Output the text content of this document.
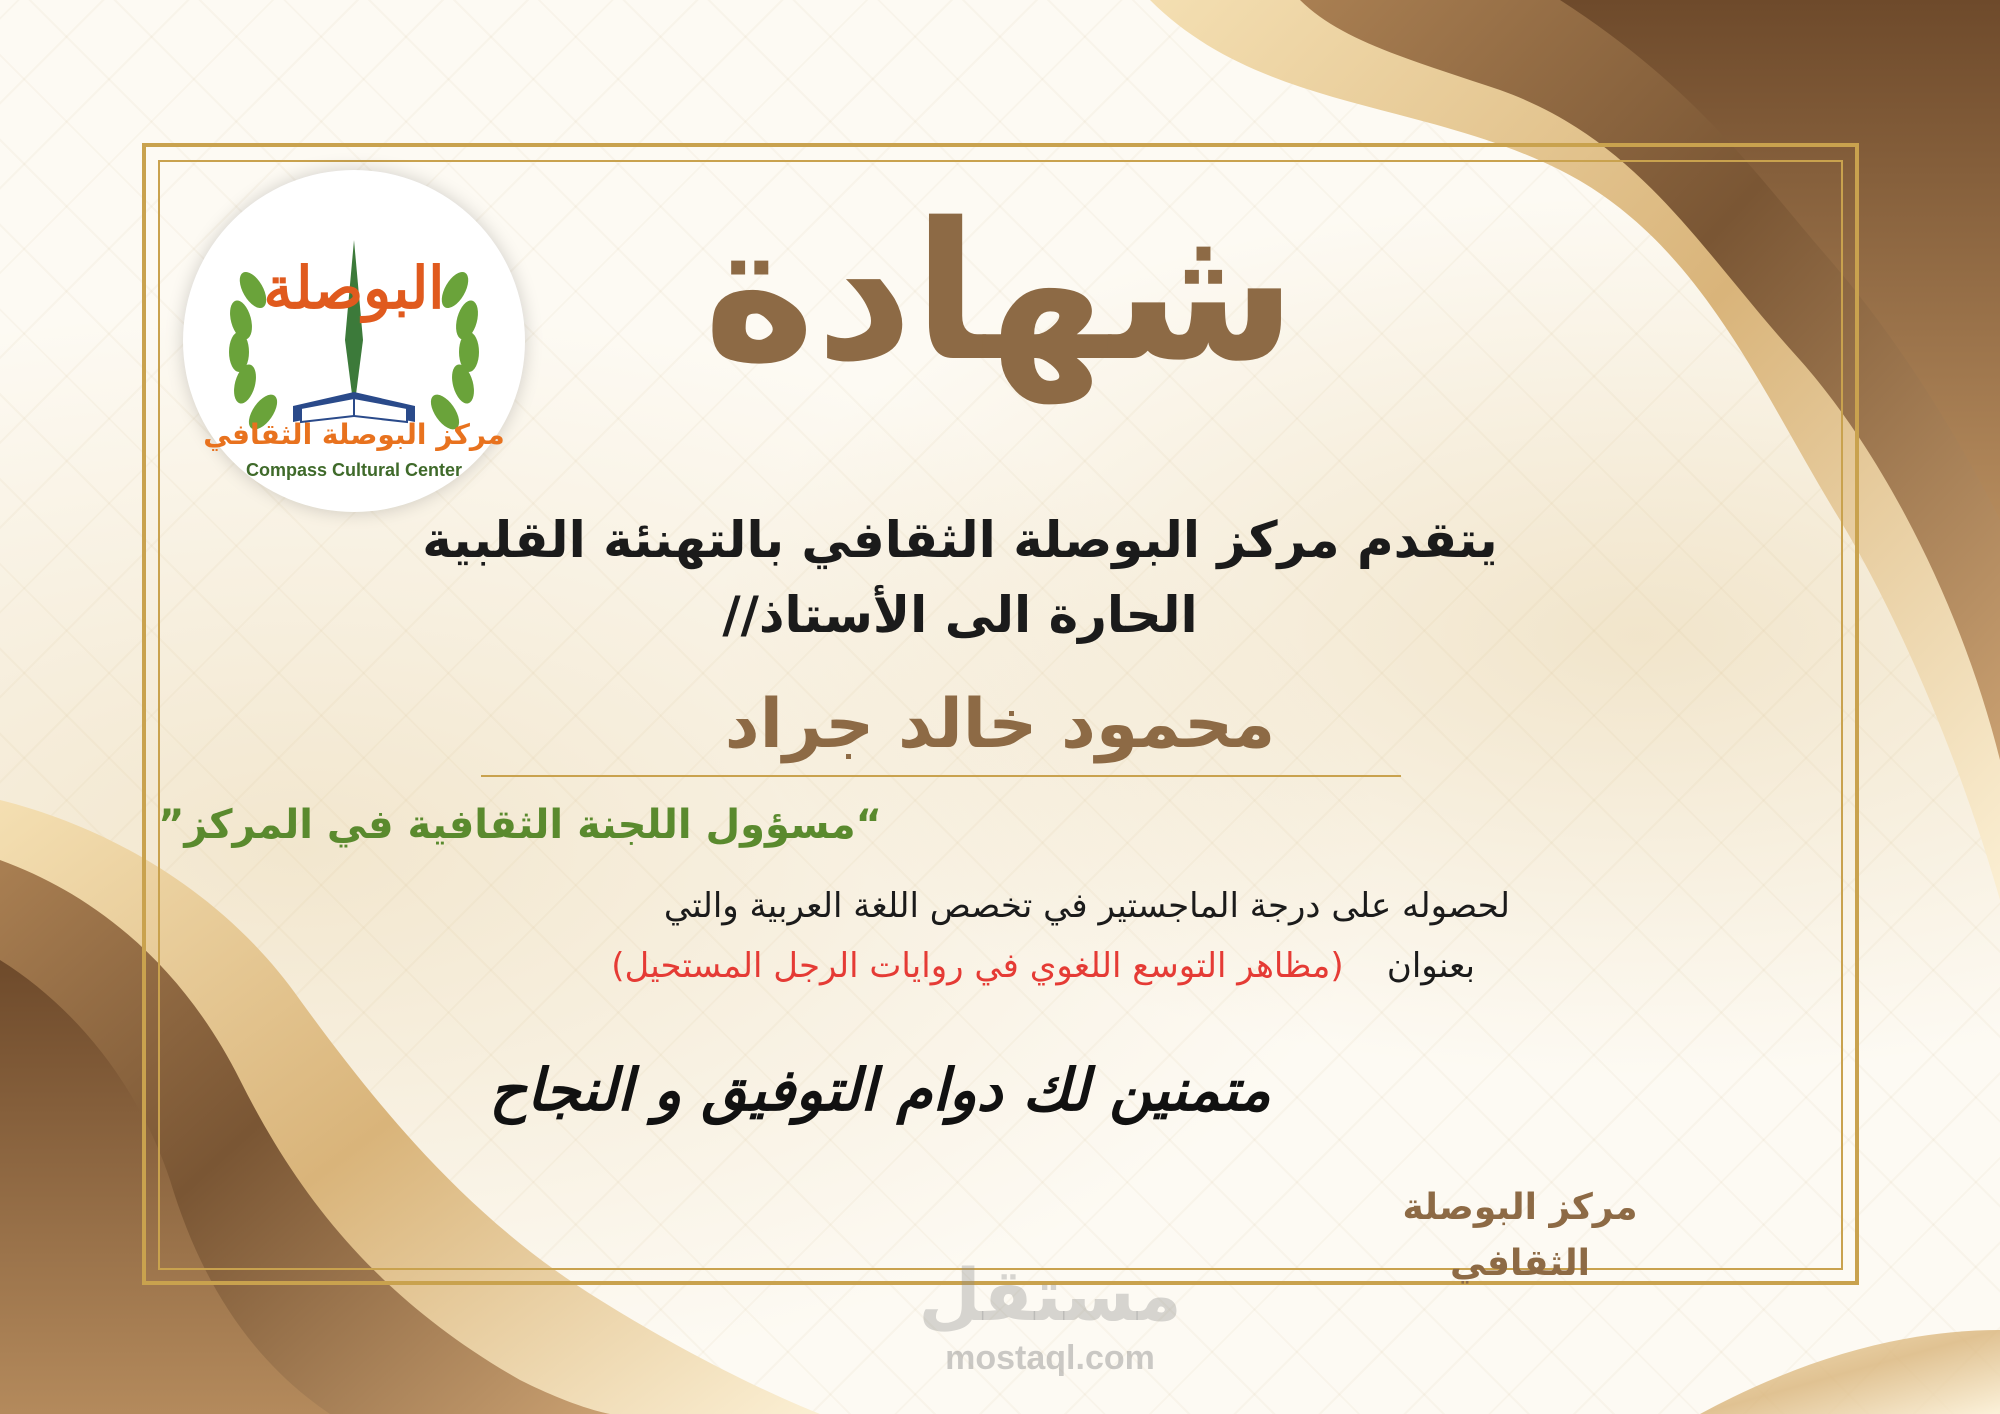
البوصلة
مركز البوصلة الثقافي
Compass Cultural Center
شهادة
يتقدم مركز البوصلة الثقافي بالتهنئة القلبية
الحارة الى الأستاذ//
محمود خالد جراد
“مسؤول اللجنة الثقافية في المركز”
لحصوله على درجة الماجستير في تخصص اللغة العربية والتي
بعنوان    (مظاهر التوسع اللغوي في روايات الرجل المستحيل)
متمنين لك دوام التوفيق و النجاح
مركز البوصلة الثقافي
مستقل
mostaql.com
